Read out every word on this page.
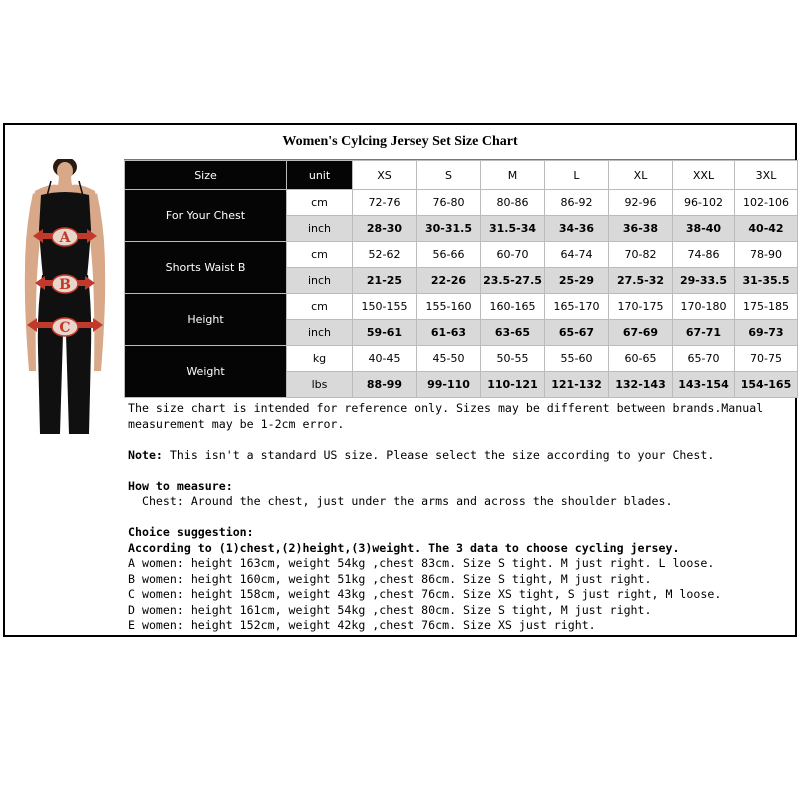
Women's Cylcing Jersey Set Size Chart
A
B
C
Size	unit	XS	S	M	L	XL	XXL	3XL
For Your Chest	cm	72-76	76-80	80-86	86-92	92-96	96-102	102-106
	inch	28-30	30-31.5	31.5-34	34-36	36-38	38-40	40-42
Shorts Waist B	cm	52-62	56-66	60-70	64-74	70-82	74-86	78-90
	inch	21-25	22-26	23.5-27.5	25-29	27.5-32	29-33.5	31-35.5
Height	cm	150-155	155-160	160-165	165-170	170-175	170-180	175-185
	inch	59-61	61-63	63-65	65-67	67-69	67-71	69-73
Weight	kg	40-45	45-50	50-55	55-60	60-65	65-70	70-75
	lbs	88-99	99-110	110-121	121-132	132-143	143-154	154-165

The size chart is intended for reference only. Sizes may be different between brands.Manual measurement may be 1-2cm error.

Note: This isn't a standard US size. Please select the size according to your Chest.

How to measure:

Chest: Around the chest, just under the arms and across the shoulder blades.

Choice suggestion:

According to (1)chest,(2)height,(3)weight. The 3 data to choose cycling jersey.

A women: height 163cm, weight 54kg ,chest 83cm. Size S tight. M just right. L loose.

B women: height 160cm, weight 51kg ,chest 86cm. Size S tight, M just right.

C women: height 158cm, weight 43kg ,chest 76cm. Size XS tight, S just right, M loose.

D women: height 161cm, weight 54kg ,chest 80cm. Size S tight, M just right.

E women: height 152cm, weight 42kg ,chest 76cm. Size XS just right.
